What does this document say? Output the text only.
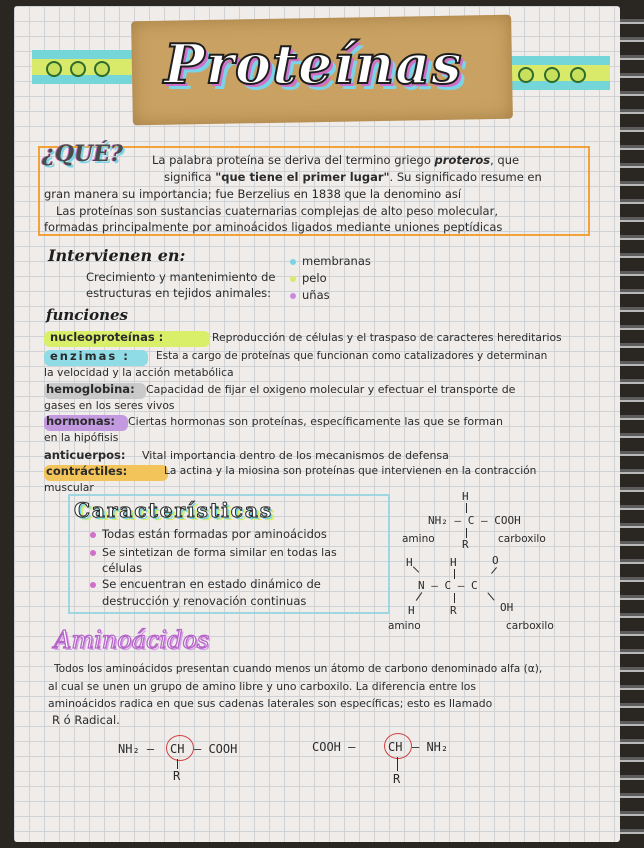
Proteínas
¿QUÉ?	La palabra proteína se deriva del termino griego proteros, que

significa "que tiene el primer lugar". Su significado resume en

gran manera su importancia; fue Berzelius en 1838 que la denomino así

Las proteínas son sustancias cuaternarias complejas de alto peso molecular,

formadas principalmente por aminoácidos ligados mediante uniones peptídicas

Intervienen en:

Crecimiento y mantenimiento de

estructuras en tejidos animales:

membranas

pelo

uñas

funciones

nucleoproteínas :	Reproducción de células y el traspaso de caracteres hereditarios

enzimas : Esta a cargo de proteínas que funcionan como catalizadores y determinan

la velocidad y la acción metabólica

hemoglobina: Capacidad de fijar el oxigeno molecular y efectuar el transporte de

gases en los seres vivos

hormonas: Ciertas hormonas son proteínas, específicamente las que se forman

en la hipófisis

anticuerpos: Vital importancia dentro de los mecanismos de defensa

contráctiles:	La actina y la miosina son proteínas que intervienen en la contracción

muscular

Características

Todas están formadas por aminoácidos

Se sintetizan de forma similar en todas las

células

Se encuentran en estado dinámico de

destrucción y renovación continuas

H
NH₂ – C – COOH
R
amino	carboxilo
H	H	O
N – C – C
OH
H	R
amino	carboxilo
Aminoácidos

Todos los aminoácidos presentan cuando menos un átomo de carbono denominado alfa (α),

al cual se unen un grupo de amino libre y uno carboxilo. La diferencia entre los

aminoácidos radica en que sus cadenas laterales son específicas; esto es llamado

R ó Radical.

NH₂ – CH – COOH
R
COOH –	CH – NH₂
R
